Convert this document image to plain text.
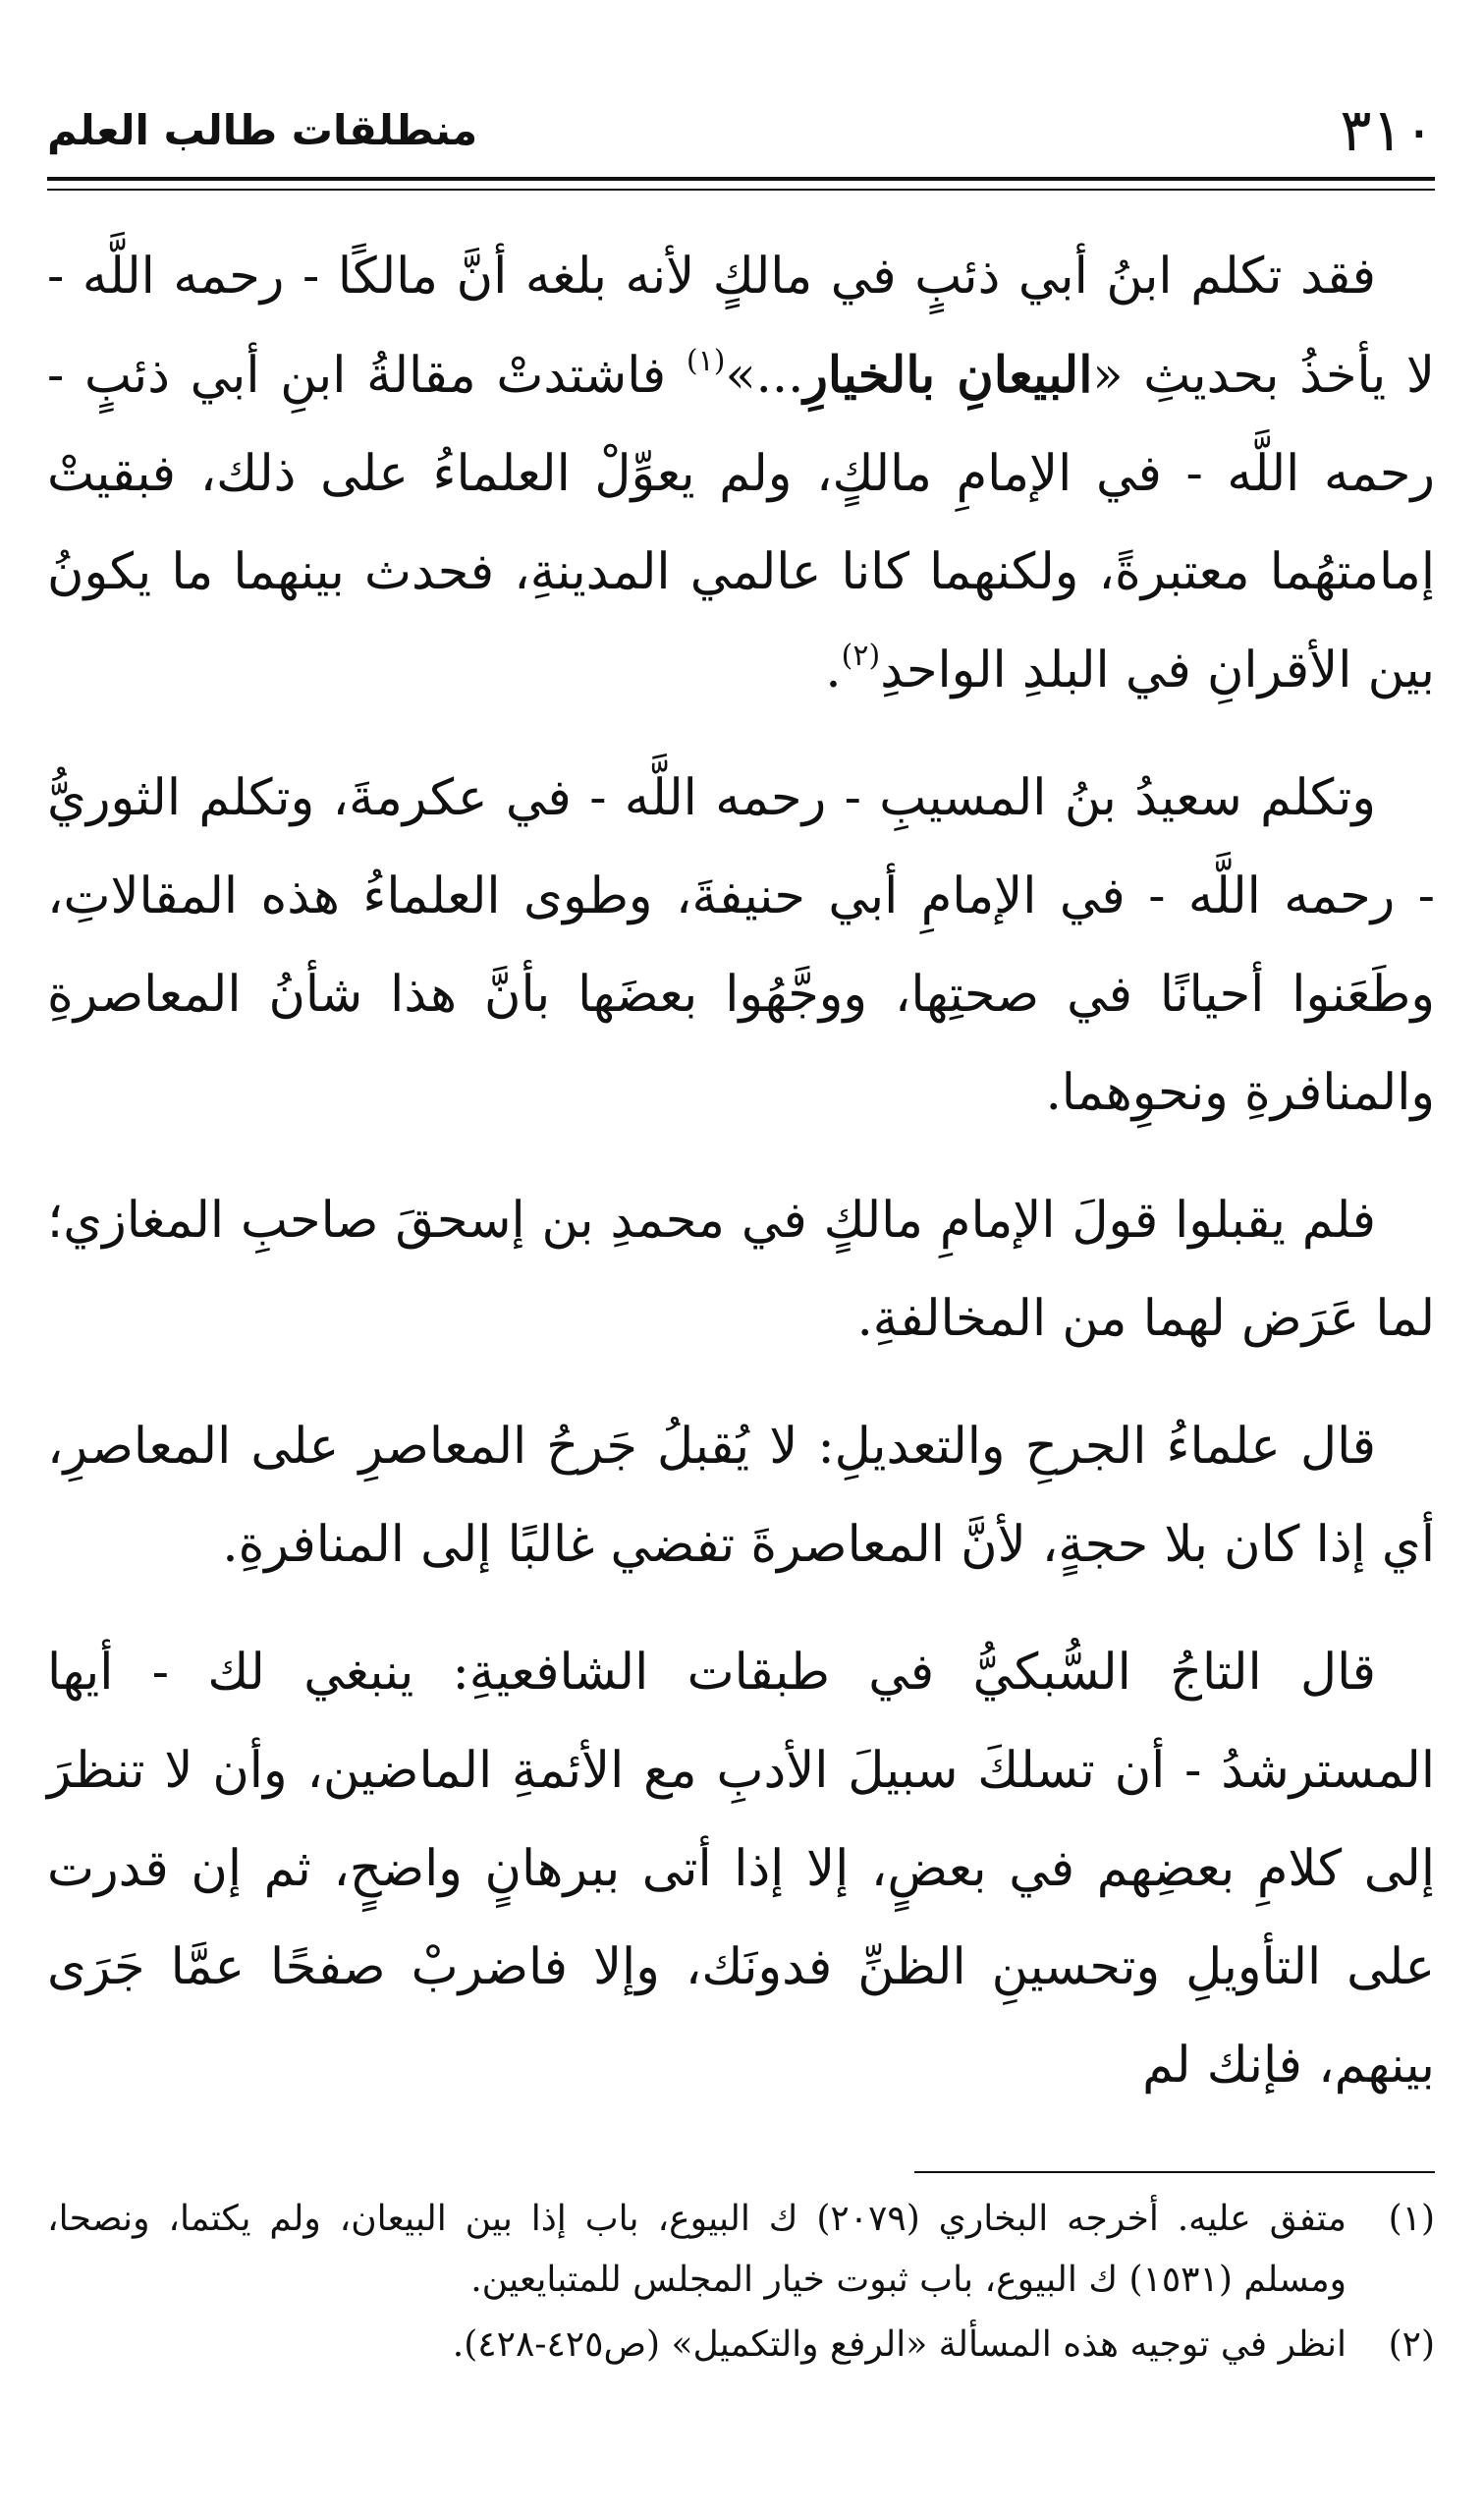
٣١٠
منطلقات طالب العلم

فقد تكلم ابنُ أبي ذئبٍ في مالكٍ لأنه بلغه أنَّ مالكًا - رحمه اللَّه - لا يأخذُ بحديثِ «البيعانِ بالخيارِ...»$^{(١)}$ فاشتدتْ مقالةُ ابنِ أبي ذئبٍ - رحمه اللَّه - في الإمامِ مالكٍ، ولم يعوِّلْ العلماءُ على ذلك، فبقيتْ إمامتهُما معتبرةً، ولكنهما كانا عالمي المدينةِ، فحدث بينهما ما يكونُ بين الأقرانِ في البلدِ الواحدِ$^{(٢)}$.

وتكلم سعيدُ بنُ المسيبِ - رحمه اللَّه - في عكرمةَ، وتكلم الثوريُّ - رحمه اللَّه - في الإمامِ أبي حنيفةَ، وطوى العلماءُ هذه المقالاتِ، وطَعَنوا أحيانًا في صحتِها، ووجَّهُوا بعضَها بأنَّ هذا شأنُ المعاصرةِ والمنافرةِ ونحوِهما.

فلم يقبلوا قولَ الإمامِ مالكٍ في محمدِ بن إسحقَ صاحبِ المغازي؛ لما عَرَض لهما من المخالفةِ.

قال علماءُ الجرحِ والتعديلِ: لا يُقبلُ جَرحُ المعاصرِ على المعاصرِ، أي إذا كان بلا حجةٍ، لأنَّ المعاصرةَ تفضي غالبًا إلى المنافرةِ.

قال التاجُ السُّبكيُّ في طبقات الشافعيةِ: ينبغي لك - أيها المسترشدُ - أن تسلكَ سبيلَ الأدبِ مع الأئمةِ الماضين، وأن لا تنظرَ إلى كلامِ بعضِهم في بعضٍ، إلا إذا أتى ببرهانٍ واضحٍ، ثم إن قدرت على التأويلِ وتحسينِ الظنِّ فدونَك، وإلا فاضربْ صفحًا عمَّا جَرَى بينهم، فإنك لم

(١)
متفق عليه. أخرجه البخاري (٢٠٧٩) ك البيوع، باب إذا بين البيعان، ولم يكتما، ونصحا، ومسلم (١٥٣١) ك البيوع، باب ثبوت خيار المجلس للمتبايعين.

(٢)
انظر في توجيه هذه المسألة «الرفع والتكميل» (ص٤٢٥-٤٢٨).
